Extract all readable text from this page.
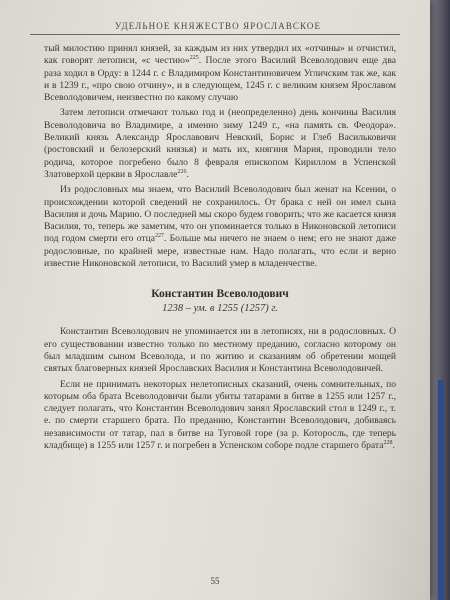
УДЕЛЬНОЕ КНЯЖЕСТВО ЯРОСЛАВСКОЕ

тый милостию принял князей, за каждым из них утвердил их «отчины» и отчистил, как говорят летописи, «с честию»$^{225}$. После этого Василий Всеволодович еще два раза ходил в Орду: в 1244 г. с Владимиром Константиновичем Угличским так же, как и в 1239 г., «про свою отчину», и в следующем, 1245 г. с великим князем Ярославом Всеволодовичем, неизвестно по какому случаю

Затем летописи отмечают только год и (неопределенно) день кончины Василия Всеволодовича во Владимире, а именно зиму 1249 г., «на память св. Феодора». Великий князь Александр Ярославович Невский, Борис и Глеб Васильковичи (ростовский и белозерский князья) и мать их, княгиня Мария, проводили тело родича, которое погребено было 8 февраля епископом Кириллом в Успенской Златоверхой церкви в Ярославле$^{226}$.

Из родословных мы знаем, что Василий Всеволодович был женат на Ксении, о происхождении которой сведений не сохранилось. От брака с ней он имел сына Василия и дочь Марию. О последней мы скоро будем говорить; что же касается князя Василия, то, теперь же заметим, что он упоминается только в Никоновской летописи под годом смерти его отца$^{227}$. Больше мы ничего не знаем о нем; его не знают даже родословные, по крайней мере, известные нам. Надо полагать, что если и верно известие Никоновской летописи, то Василий умер в младенчестве.

Константин Всеволодович
1238 – ум. в 1255 (1257) г.

Константин Всеволодович не упоминается ни в летописях, ни в родословных. О его существовании известно только по местному преданию, согласно которому он был младшим сыном Всеволода, и по житию и сказаниям об обретении мощей святых благоверных князей Ярославских Василия и Константина Всеволодовичей.

Если не принимать некоторых нелетописных сказаний, очень сомнительных, по которым оба брата Всеволодовичи были убиты татарами в битве в 1255 или 1257 г., следует полагать, что Константин Всеволодович занял Ярославский стол в 1249 г., т. е. по смерти старшего брата. По преданию, Константин Всеволодович, добиваясь независимости от татар, пал в битве на Туговой горе (за р. Которосль, где теперь кладбище) в 1255 или 1257 г. и погребен в Успенском соборе подле старшего брата$^{228}$.

55
